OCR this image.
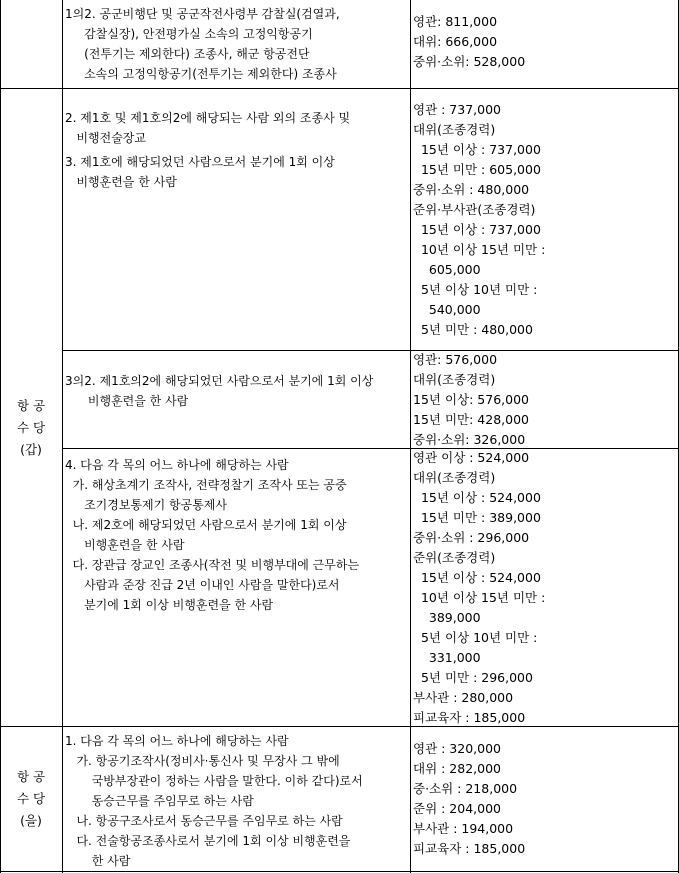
항 공
수 당
(갑)
항 공
수 당
(을)
1의2. 공군비행단 및 공군작전사령부 감찰실(검열과,
감찰실장), 안전평가실 소속의 고정익항공기
(전투기는 제외한다) 조종사, 해군 항공전단
소속의 고정익항공기(전투기는 제외한다) 조종사
영관: 811,000
대위: 666,000
중위·소위: 528,000
2. 제1호 및 제1호의2에 해당되는 사람 외의 조종사 및
비행전술장교
3. 제1호에 해당되었던 사람으로서 분기에 1회 이상
비행훈련을 한 사람
영관 : 737,000
대위(조종경력)
15년 이상 : 737,000
15년 미만 : 605,000
중위·소위 : 480,000
준위·부사관(조종경력)
15년 이상 : 737,000
10년 이상 15년 미만 :
605,000
5년 이상 10년 미만 :
540,000
5년 미만 : 480,000
3의2. 제1호의2에 해당되었던 사람으로서 분기에 1회 이상
비행훈련을 한 사람
영관: 576,000
대위(조종경력)
15년 이상: 576,000
15년 미만: 428,000
중위·소위: 326,000
4. 다음 각 목의 어느 하나에 해당하는 사람
가. 해상초계기 조작사, 전략정찰기 조작사 또는 공중
조기경보통제기 항공통제사
나. 제2호에 해당되었던 사람으로서 분기에 1회 이상
비행훈련을 한 사람
다. 장관급 장교인 조종사(작전 및 비행부대에 근무하는
사람과 준장 진급 2년 이내인 사람을 말한다)로서
분기에 1회 이상 비행훈련을 한 사람
영관 이상 : 524,000
대위(조종경력)
15년 이상 : 524,000
15년 미만 : 389,000
중위·소위 : 296,000
준위(조종경력)
15년 이상 : 524,000
10년 이상 15년 미만 :
389,000
5년 이상 10년 미만 :
331,000
5년 미만 : 296,000
부사관 : 280,000
피교육자 : 185,000
1. 다음 각 목의 어느 하나에 해당하는 사람
가. 항공기조작사(정비사·통신사 및 무장사 그 밖에
국방부장관이 정하는 사람을 말한다. 이하 같다)로서
동승근무를 주임무로 하는 사람
나. 항공구조사로서 동승근무를 주임무로 하는 사람
다. 전술항공조종사로서 분기에 1회 이상 비행훈련을
한 사람
영관 : 320,000
대위 : 282,000
중·소위 : 218,000
준위 : 204,000
부사관 : 194,000
피교육자 : 185,000
